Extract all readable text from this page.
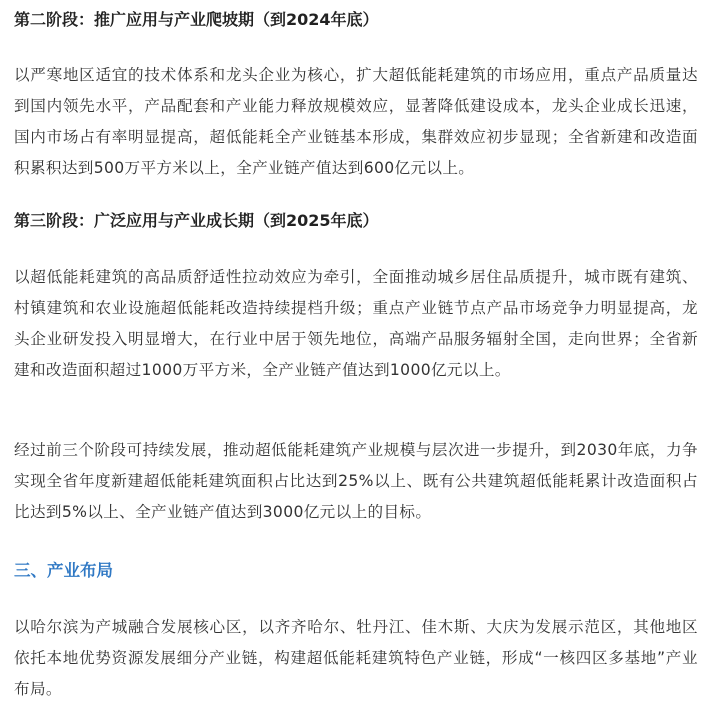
第二阶段：推广应用与产业爬坡期（到2024年底）
以严寒地区适宜的技术体系和龙头企业为核心，扩大超低能耗建筑的市场应用，重点产品质量达到国内领先水平，产品配套和产业能力释放规模效应，显著降低建设成本，龙头企业成长迅速，国内市场占有率明显提高，超低能耗全产业链基本形成，集群效应初步显现；全省新建和改造面积累积达到500万平方米以上，全产业链产值达到600亿元以上。
第三阶段：广泛应用与产业成长期（到2025年底）
以超低能耗建筑的高品质舒适性拉动效应为牵引，全面推动城乡居住品质提升，城市既有建筑、村镇建筑和农业设施超低能耗改造持续提档升级；重点产业链节点产品市场竞争力明显提高，龙头企业研发投入明显增大，在行业中居于领先地位，高端产品服务辐射全国，走向世界；全省新建和改造面积超过1000万平方米，全产业链产值达到1000亿元以上。
经过前三个阶段可持续发展，推动超低能耗建筑产业规模与层次进一步提升，到2030年底，力争实现全省年度新建超低能耗建筑面积占比达到25%以上、既有公共建筑超低能耗累计改造面积占比达到5%以上、全产业链产值达到3000亿元以上的目标。
三、产业布局
以哈尔滨为产城融合发展核心区，以齐齐哈尔、牡丹江、佳木斯、大庆为发展示范区，其他地区依托本地优势资源发展细分产业链，构建超低能耗建筑特色产业链，形成“一核四区多基地”产业布局。
